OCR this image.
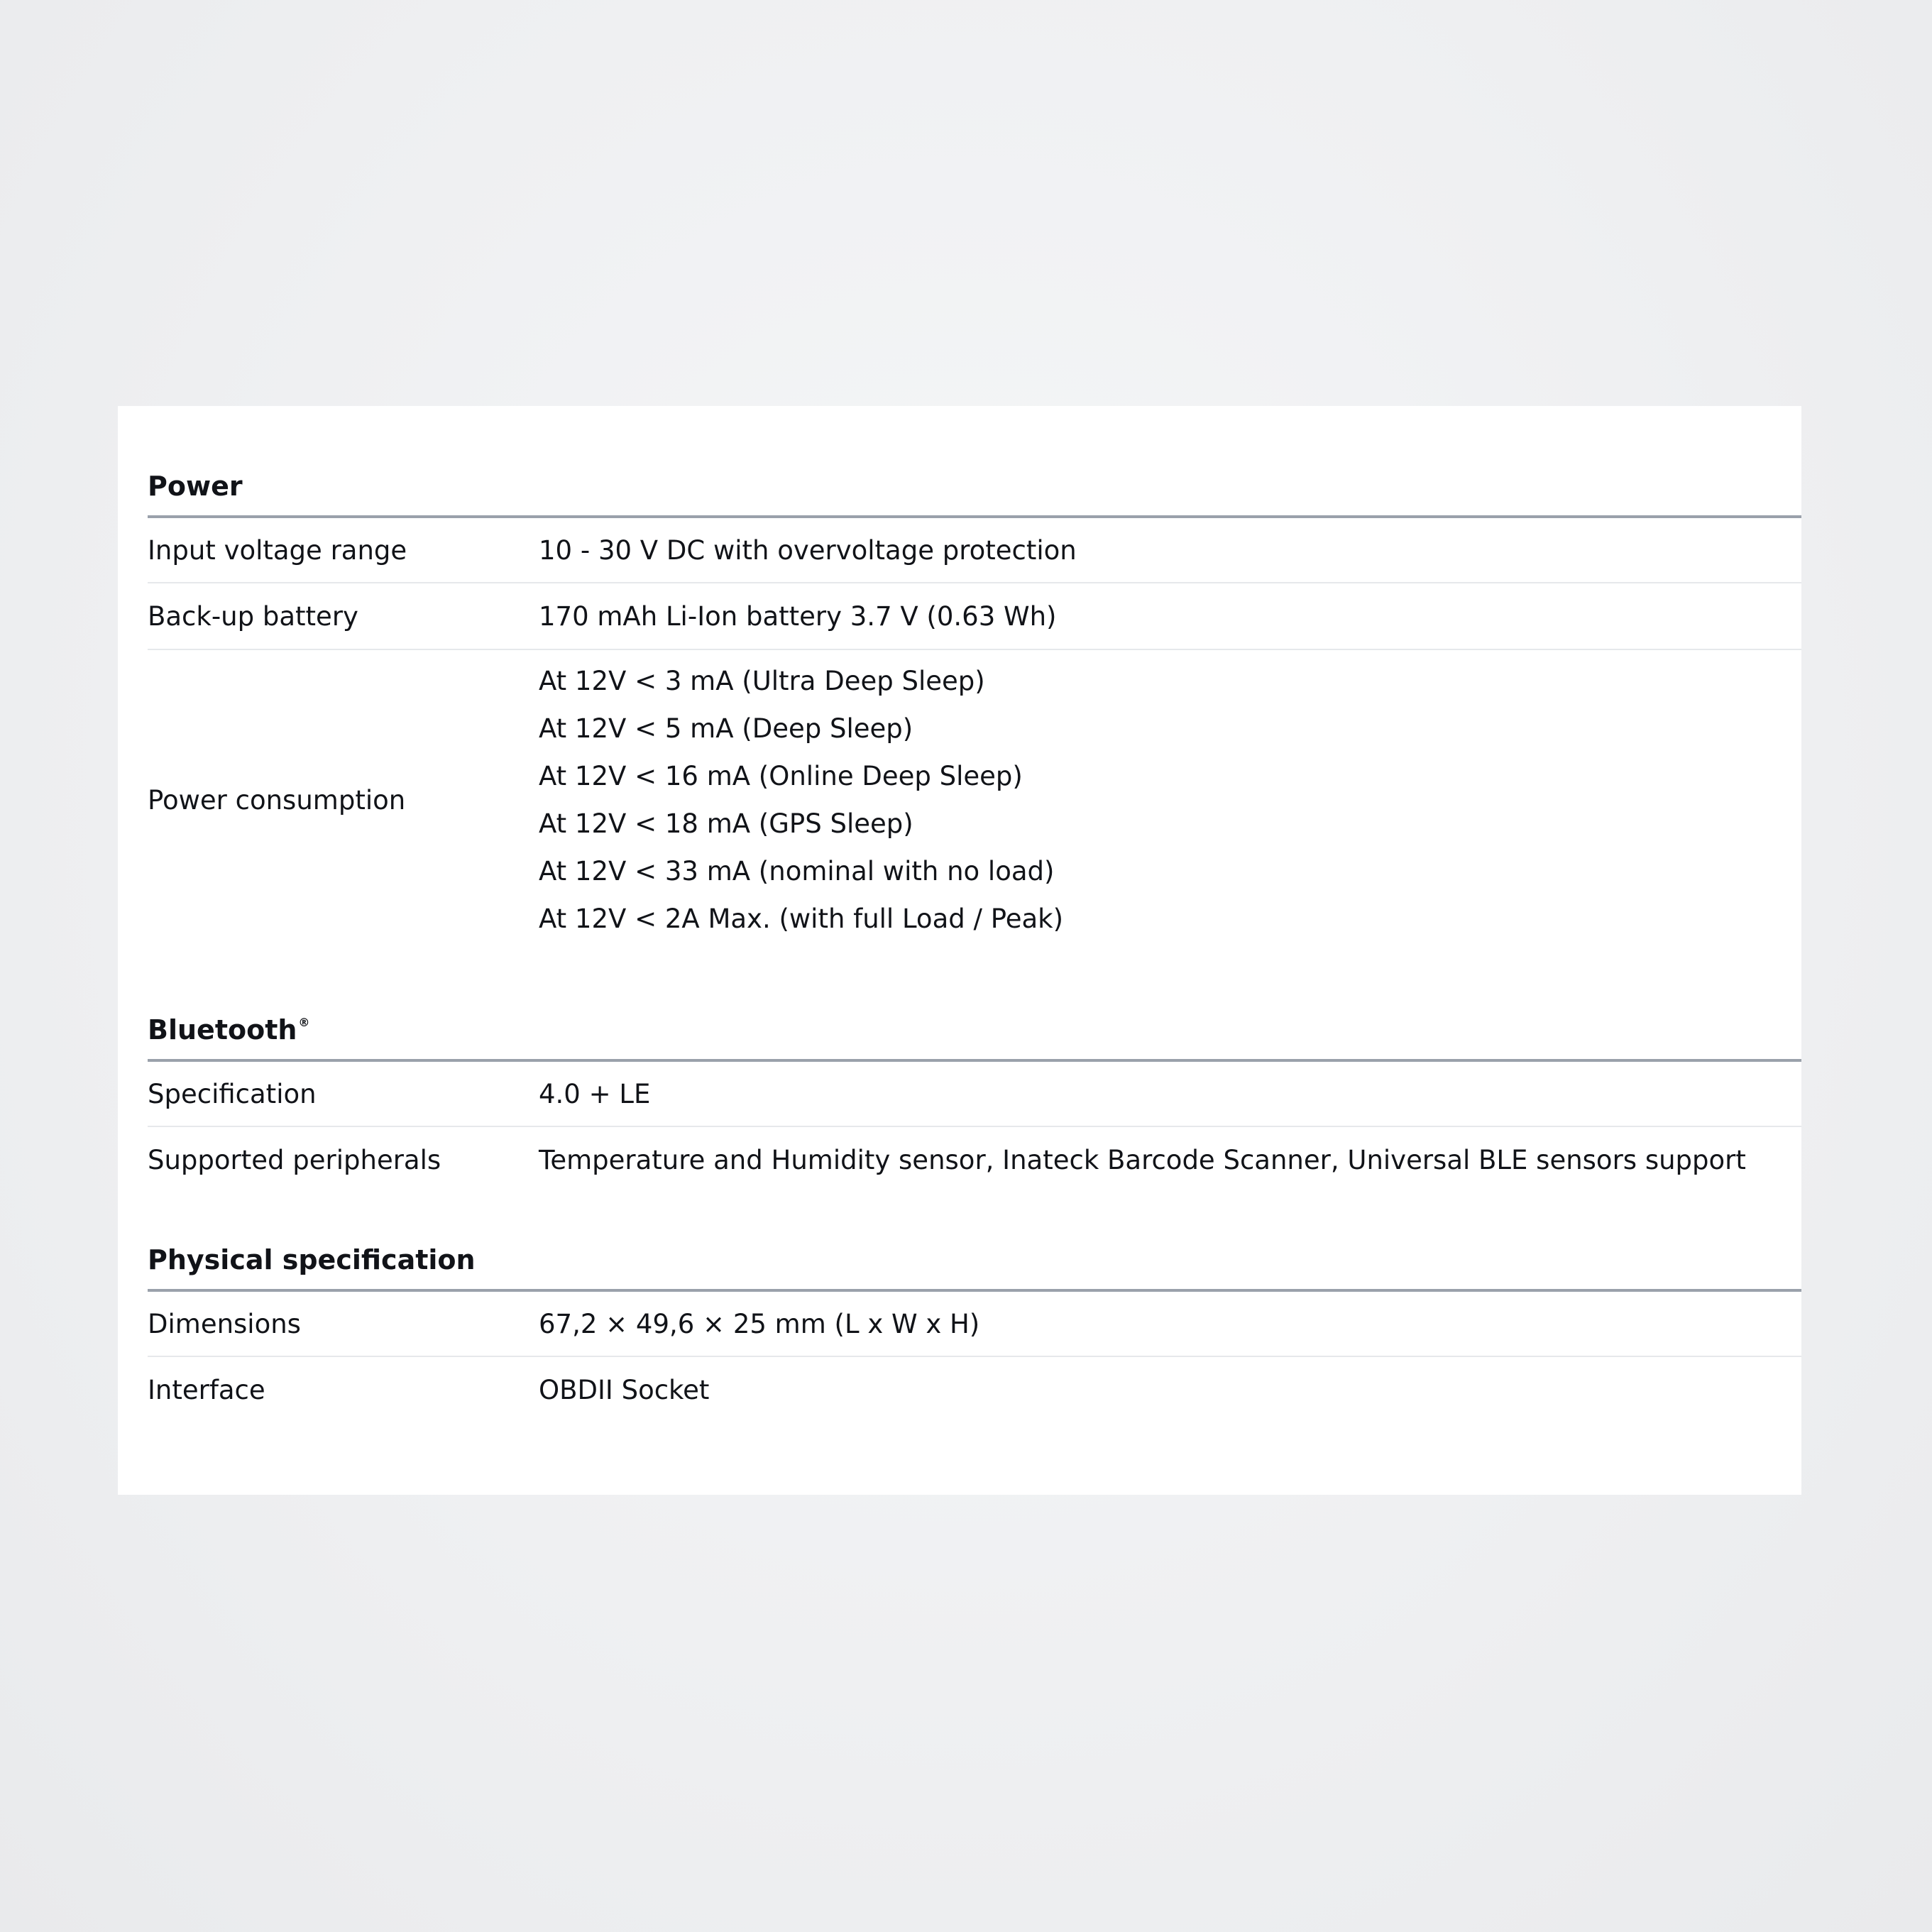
Power
Input voltage range	10 - 30 V DC with overvoltage protection
Back-up battery	170 mAh Li-Ion battery 3.7 V (0.63 Wh)
Power consumption
At 12V < 3 mA (Ultra Deep Sleep)
At 12V < 5 mA (Deep Sleep)
At 12V < 16 mA (Online Deep Sleep)
At 12V < 18 mA (GPS Sleep)
At 12V < 33 mA (nominal with no load)
At 12V < 2A Max. (with full Load / Peak)
Bluetooth ®
Specification	4.0 + LE
Supported peripherals	Temperature and Humidity sensor, Inateck Barcode Scanner, Universal BLE sensors support
Physical specification
Dimensions	67,2 × 49,6 × 25 mm (L x W x H)
Interface	OBDII Socket
